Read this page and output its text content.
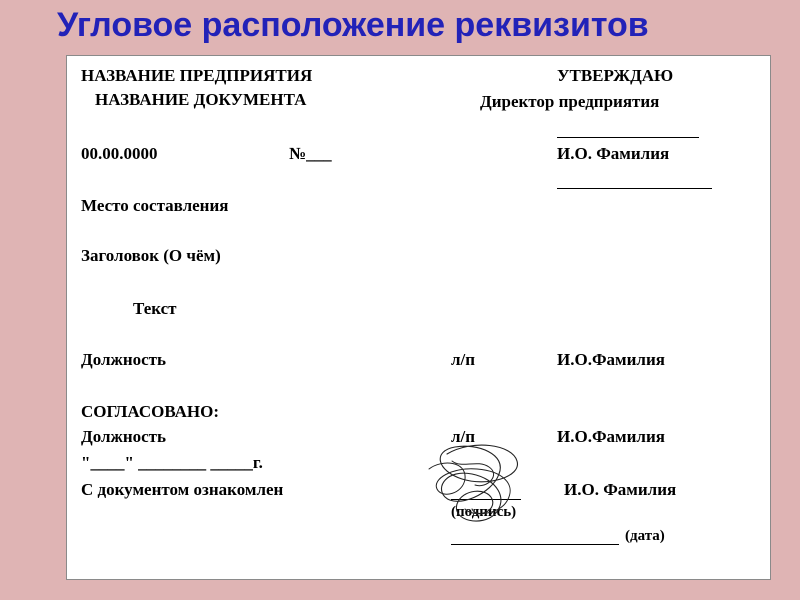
Угловое расположение реквизитов
НАЗВАНИЕ ПРЕДПРИЯТИЯ
НАЗВАНИЕ ДОКУМЕНТА
УТВЕРЖДАЮ
Директор предприятия
00.00.0000	№___	И.О. Фамилия
Место составления
Заголовок (О чём)
Текст
Должность	л/п	И.О.Фамилия
СОГЛАСОВАНО:
Должность	л/п	И.О.Фамилия
"____" ________ _____г.
С документом ознакомлен	И.О. Фамилия
(подпись)
(дата)
